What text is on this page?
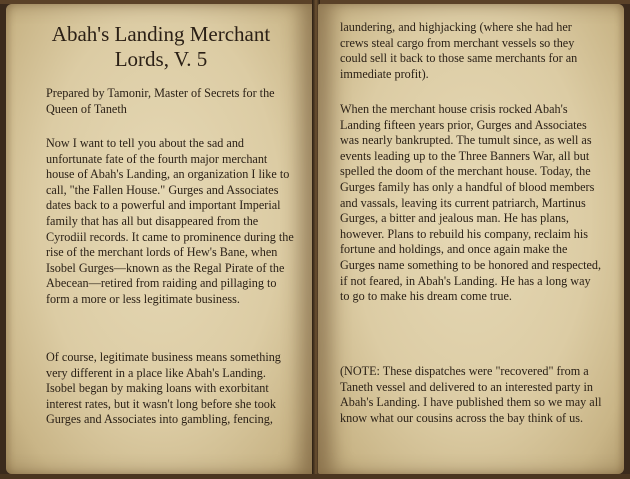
Abah's Landing Merchant
Lords, V. 5

Prepared by Tamonir, Master of Secrets for the Queen of Taneth

Now I want to tell you about the sad and unfortunate fate of the fourth major merchant house of Abah's Landing, an organization I like to call, "the Fallen House." Gurges and Associates dates back to a powerful and important Imperial family that has all but disappeared from the Cyrodiil records. It came to prominence during the rise of the merchant lords of Hew's Bane, when Isobel Gurges—known as the Regal Pirate of the Abecean—retired from raiding and pillaging to form a more or less legitimate business.

Of course, legitimate business means something very different in a place like Abah's Landing. Isobel began by making loans with exorbitant interest rates, but it wasn't long before she took Gurges and Associates into gambling, fencing,

laundering, and highjacking (where she had her crews steal cargo from merchant vessels so they could sell it back to those same merchants for an immediate profit).

When the merchant house crisis rocked Abah's Landing fifteen years prior, Gurges and Associates was nearly bankrupted. The tumult since, as well as events leading up to the Three Banners War, all but spelled the doom of the merchant house. Today, the Gurges family has only a handful of blood members and vassals, leaving its current patriarch, Martinus Gurges, a bitter and jealous man. He has plans, however. Plans to rebuild his company, reclaim his fortune and holdings, and once again make the Gurges name something to be honored and respected, if not feared, in Abah's Landing. He has a long way to go to make his dream come true.

(NOTE: These dispatches were "recovered" from a Taneth vessel and delivered to an interested party in Abah's Landing. I have published them so we may all know what our cousins across the bay think of us.
